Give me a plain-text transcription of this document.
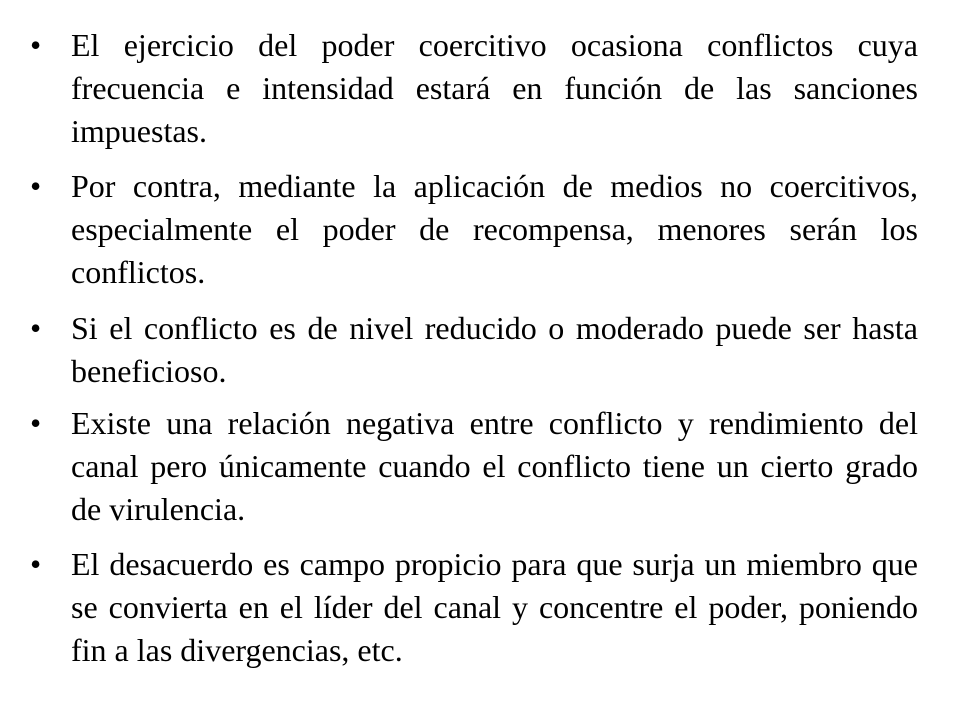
• El ejercicio del poder coercitivo ocasiona conflictos cuya frecuencia e intensidad estará en función de las sanciones impuestas.
• Por contra, mediante la aplicación de medios no coercitivos, especialmente el poder de recompensa, menores serán los conflictos.
• Si el conflicto es de nivel reducido o moderado puede ser hasta beneficioso.
• Existe una relación negativa entre conflicto y rendimiento del canal pero únicamente cuando el conflicto tiene un cierto grado de virulencia.
• El desacuerdo es campo propicio para que surja un miembro que se convierta en el líder del canal y concentre el poder, poniendo fin a las divergencias, etc.
